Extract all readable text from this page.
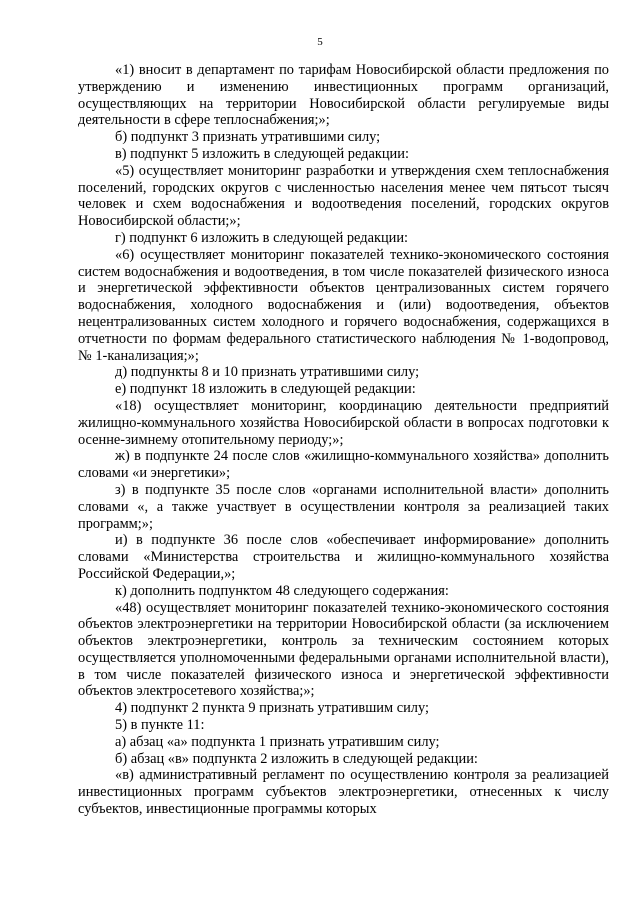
5

«1) вносит в департамент по тарифам Новосибирской области предложения по утверждению и изменению инвестиционных программ организаций, осуществляющих на территории Новосибирской области регулируемые виды деятельности в сфере теплоснабжения;»;

б) подпункт 3 признать утратившими силу;

в) подпункт 5 изложить в следующей редакции:

«5) осуществляет мониторинг разработки и утверждения схем теплоснабжения поселений, городских округов с численностью населения менее чем пятьсот тысяч человек и схем водоснабжения и водоотведения поселений, городских округов Новосибирской области;»;

г) подпункт 6 изложить в следующей редакции:

«6) осуществляет мониторинг показателей технико-экономического состояния систем водоснабжения и водоотведения, в том числе показателей физического износа и энергетической эффективности объектов централизованных систем горячего водоснабжения, холодного водоснабжения и (или) водоотведения, объектов нецентрализованных систем холодного и горячего водоснабжения, содержащихся в отчетности по формам федерального статистического наблюдения № 1-водопровод, № 1-канализация;»;

д) подпункты 8 и 10 признать утратившими силу;

е) подпункт 18 изложить в следующей редакции:

«18) осуществляет мониторинг, координацию деятельности предприятий жилищно-коммунального хозяйства Новосибирской области в вопросах подготовки к осенне-зимнему отопительному периоду;»;

ж) в подпункте 24 после слов «жилищно-коммунального хозяйства» дополнить словами «и энергетики»;

з) в подпункте 35 после слов «органами исполнительной власти» дополнить словами «, а также участвует в осуществлении контроля за реализацией таких программ;»;

и) в подпункте 36 после слов «обеспечивает информирование» дополнить словами «Министерства строительства и жилищно-коммунального хозяйства Российской Федерации,»;

к) дополнить подпунктом 48 следующего содержания:

«48) осуществляет мониторинг показателей технико-экономического состояния объектов электроэнергетики на территории Новосибирской области (за исключением объектов электроэнергетики, контроль за техническим состоянием которых осуществляется уполномоченными федеральными органами исполнительной власти), в том числе показателей физического износа и энергетической эффективности объектов электросетевого хозяйства;»;

4) подпункт 2 пункта 9 признать утратившим силу;

5) в пункте 11:

а) абзац «а» подпункта 1 признать утратившим силу;

б) абзац «в» подпункта 2 изложить в следующей редакции:

«в) административный регламент по осуществлению контроля за реализацией инвестиционных программ субъектов электроэнергетики, отнесенных к числу субъектов, инвестиционные программы которых
